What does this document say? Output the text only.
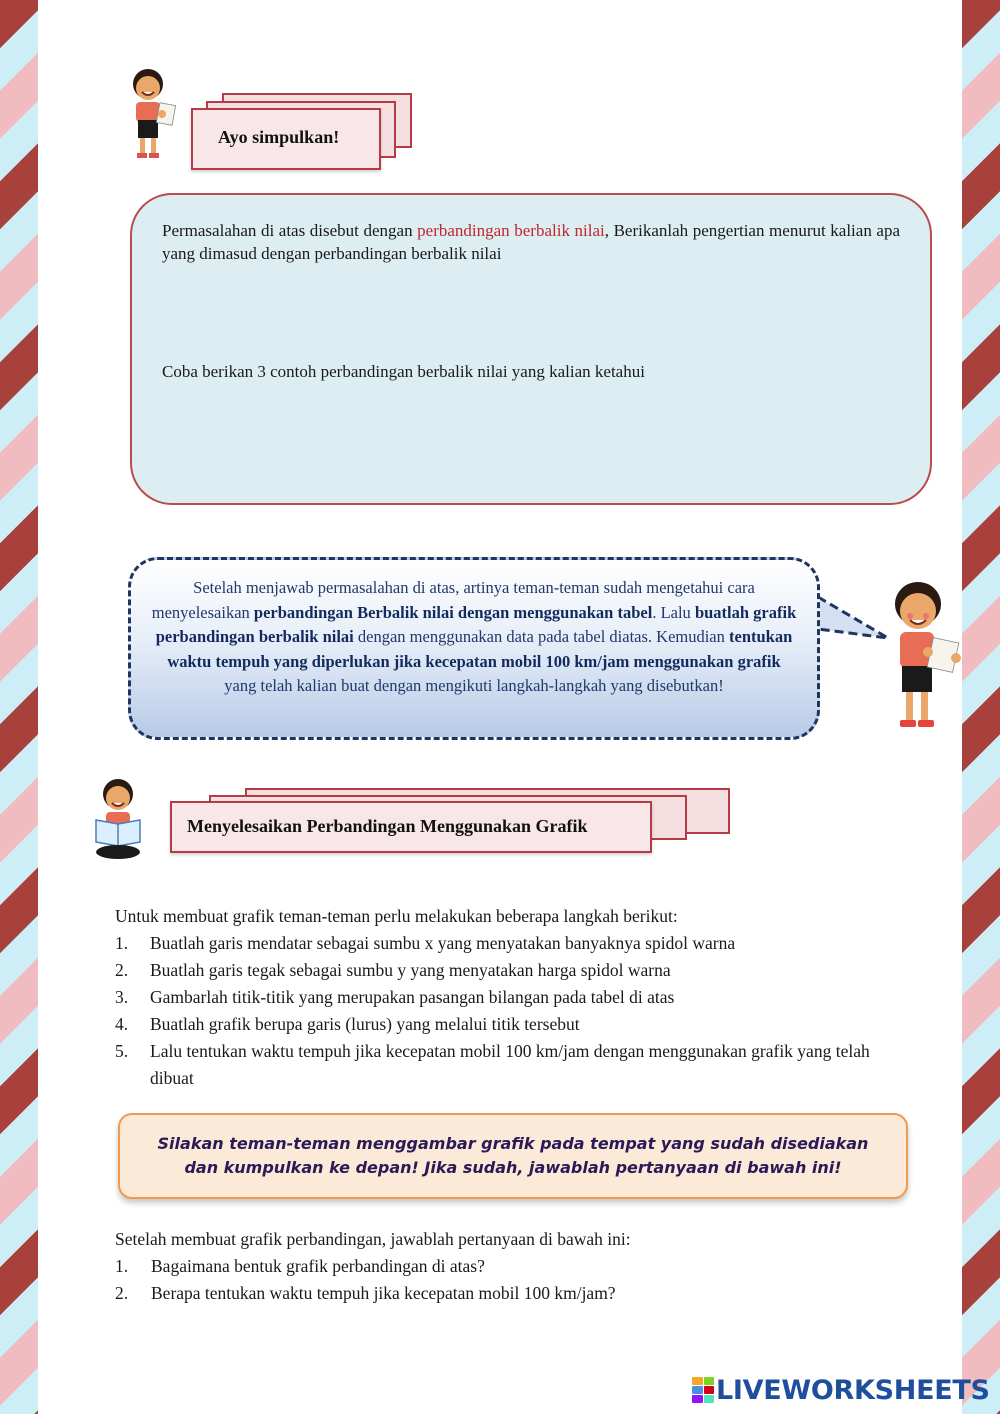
Ayo simpulkan!

Permasalahan di atas disebut dengan perbandingan berbalik nilai, Berikanlah pengertian menurut kalian apa yang dimasud dengan perbandingan berbalik nilai

Coba berikan 3 contoh perbandingan berbalik nilai yang kalian ketahui

Setelah menjawab permasalahan di atas, artinya teman-teman sudah mengetahui cara menyelesaikan perbandingan Berbalik nilai dengan menggunakan tabel. Lalu buatlah grafik perbandingan berbalik nilai dengan menggunakan data pada tabel diatas. Kemudian tentukan waktu tempuh yang diperlukan jika kecepatan mobil 100 km/jam menggunakan grafik yang telah kalian buat dengan mengikuti langkah-langkah yang disebutkan!
Menyelesaikan Perbandingan Menggunakan Grafik

Untuk membuat grafik teman-teman perlu melakukan beberapa langkah berikut:

1.	Buatlah garis mendatar sebagai sumbu x yang menyatakan banyaknya spidol warna
2.	Buatlah garis tegak sebagai sumbu y yang menyatakan harga spidol warna
3.	Gambarlah titik-titik yang merupakan pasangan bilangan pada tabel di atas
4.	Buatlah grafik berupa garis (lurus) yang melalui titik tersebut
5.	Lalu tentukan waktu tempuh jika kecepatan mobil 100 km/jam dengan menggunakan grafik yang telah dibuat
Silakan teman-teman menggambar grafik pada tempat yang sudah disediakan dan kumpulkan ke depan! Jika sudah, jawablah pertanyaan di bawah ini!

Setelah membuat grafik perbandingan, jawablah pertanyaan di bawah ini:

1.	Bagaimana bentuk grafik perbandingan di atas?
2.	Berapa tentukan waktu tempuh jika kecepatan mobil 100 km/jam?
LIVEWORKSHEETS
